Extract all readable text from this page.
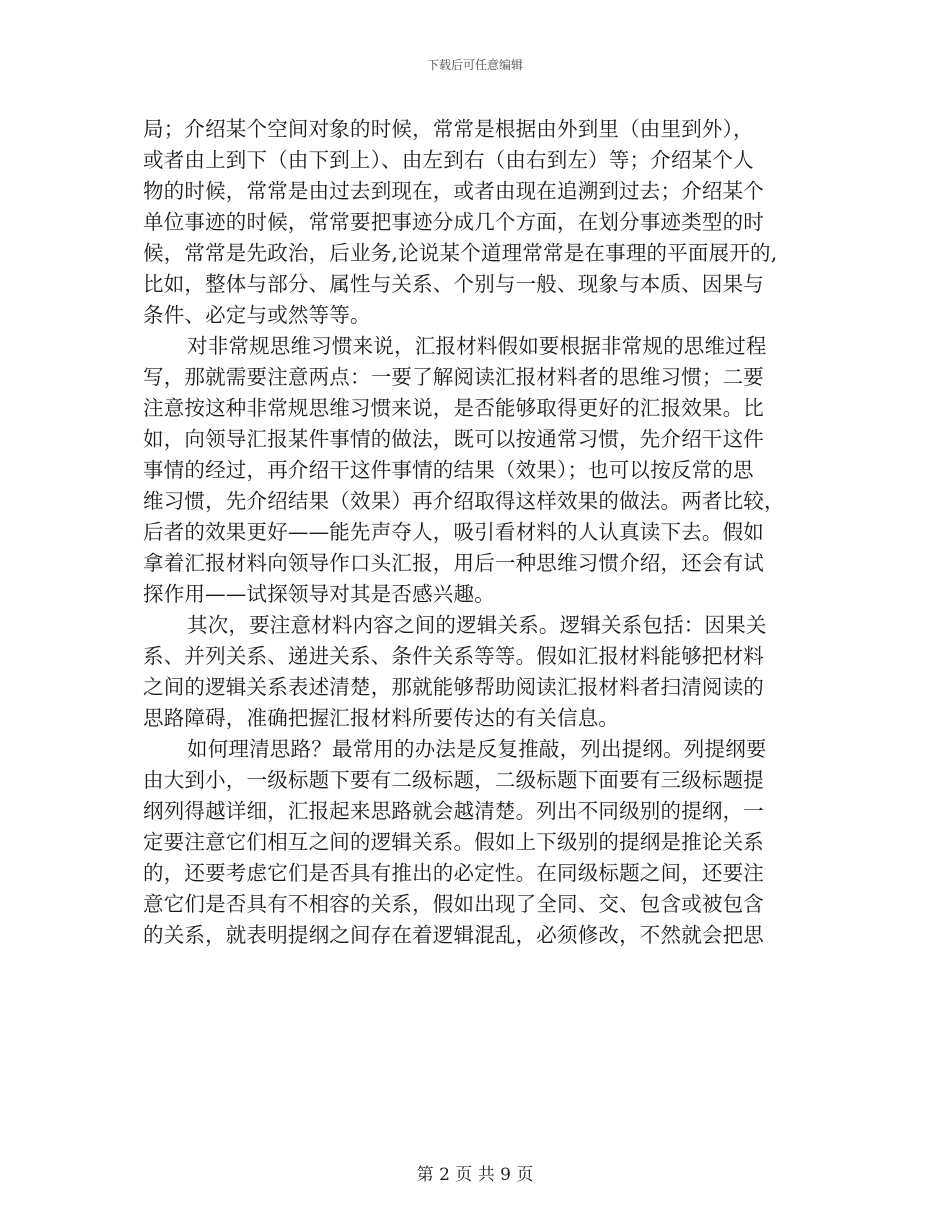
下载后可任意编辑
局；介绍某个空间对象的时候，常常是根据由外到里（由里到外），
或者由上到下（由下到上）、由左到右（由右到左）等；介绍某个人
物的时候，常常是由过去到现在，或者由现在追溯到过去；介绍某个
单位事迹的时候，常常要把事迹分成几个方面，在划分事迹类型的时
候，常常是先政治，后业务,论说某个道理常常是在事理的平面展开的,
比如，整体与部分、属性与关系、个别与一般、现象与本质、因果与
条件、必定与或然等等。
对非常规思维习惯来说，汇报材料假如要根据非常规的思维过程
写，那就需要注意两点：一要了解阅读汇报材料者的思维习惯；二要
注意按这种非常规思维习惯来说，是否能够取得更好的汇报效果。比
如，向领导汇报某件事情的做法，既可以按通常习惯，先介绍干这件
事情的经过，再介绍干这件事情的结果（效果）；也可以按反常的思
维习惯，先介绍结果（效果）再介绍取得这样效果的做法。两者比较，
后者的效果更好——能先声夺人，吸引看材料的人认真读下去。假如
拿着汇报材料向领导作口头汇报，用后一种思维习惯介绍，还会有试
探作用——试探领导对其是否感兴趣。
其次，要注意材料内容之间的逻辑关系。逻辑关系包括：因果关
系、并列关系、递进关系、条件关系等等。假如汇报材料能够把材料
之间的逻辑关系表述清楚，那就能够帮助阅读汇报材料者扫清阅读的
思路障碍，准确把握汇报材料所要传达的有关信息。
如何理清思路？最常用的办法是反复推敲，列出提纲。列提纲要
由大到小，一级标题下要有二级标题，二级标题下面要有三级标题提
纲列得越详细，汇报起来思路就会越清楚。列出不同级别的提纲，一
定要注意它们相互之间的逻辑关系。假如上下级别的提纲是推论关系
的，还要考虑它们是否具有推出的必定性。在同级标题之间，还要注
意它们是否具有不相容的关系，假如出现了全同、交、包含或被包含
的关系，就表明提纲之间存在着逻辑混乱，必须修改，不然就会把思
第 2 页 共 9 页
